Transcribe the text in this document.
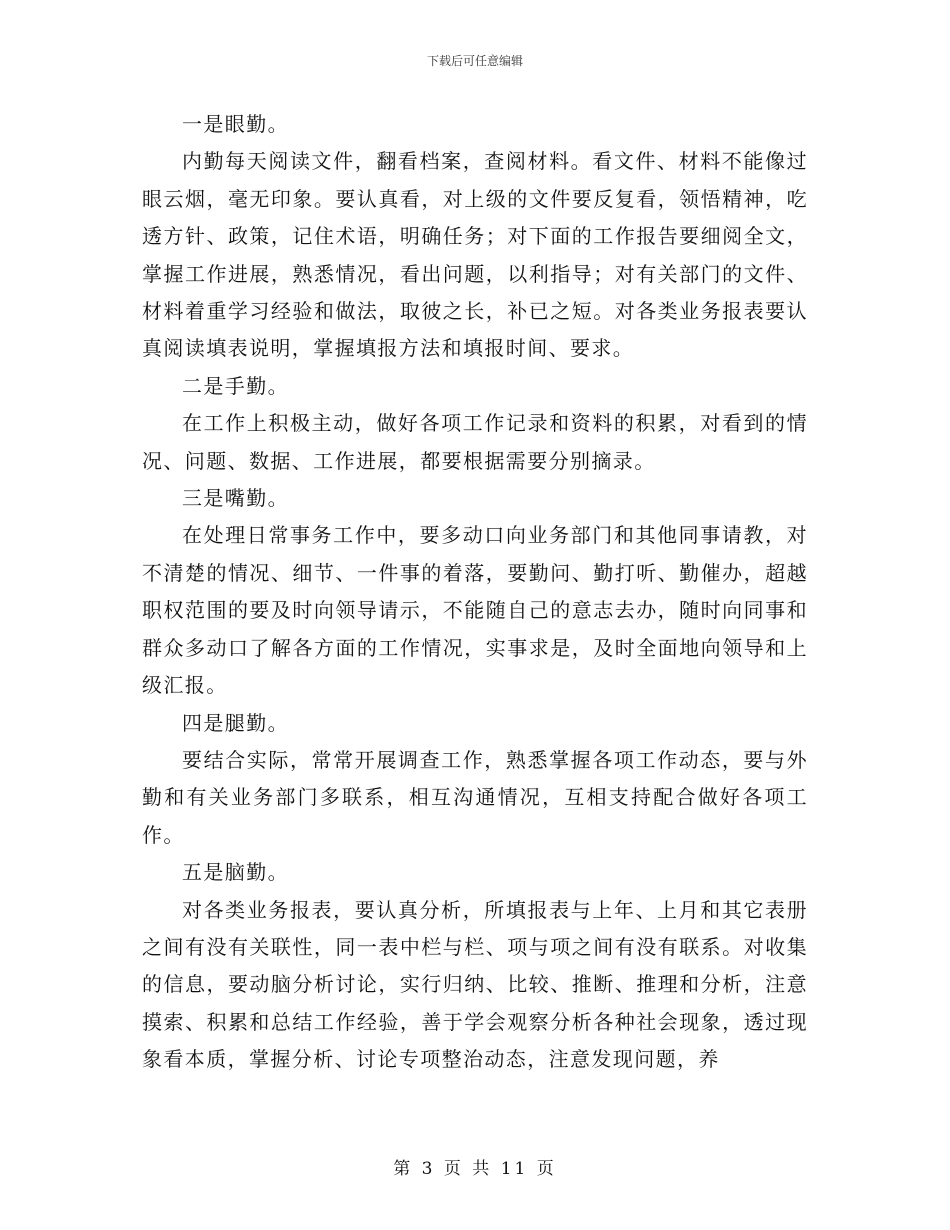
下载后可任意编辑

一是眼勤。

内勤每天阅读文件，翻看档案，查阅材料。看文件、材料不能像过眼云烟，毫无印象。要认真看，对上级的文件要反复看，领悟精神，吃透方针、政策，记住术语，明确任务；对下面的工作报告要细阅全文，掌握工作进展，熟悉情况，看出问题，以利指导；对有关部门的文件、材料着重学习经验和做法，取彼之长，补已之短。对各类业务报表要认真阅读填表说明，掌握填报方法和填报时间、要求。

二是手勤。

在工作上积极主动，做好各项工作记录和资料的积累，对看到的情况、问题、数据、工作进展，都要根据需要分别摘录。

三是嘴勤。

在处理日常事务工作中，要多动口向业务部门和其他同事请教，对不清楚的情况、细节、一件事的着落，要勤问、勤打听、勤催办，超越职权范围的要及时向领导请示，不能随自己的意志去办，随时向同事和群众多动口了解各方面的工作情况，实事求是，及时全面地向领导和上级汇报。

四是腿勤。

要结合实际，常常开展调查工作，熟悉掌握各项工作动态，要与外勤和有关业务部门多联系，相互沟通情况，互相支持配合做好各项工作。

五是脑勤。

对各类业务报表，要认真分析，所填报表与上年、上月和其它表册之间有没有关联性，同一表中栏与栏、项与项之间有没有联系。对收集的信息，要动脑分析讨论，实行归纳、比较、推断、推理和分析，注意摸索、积累和总结工作经验，善于学会观察分析各种社会现象，透过现象看本质，掌握分析、讨论专项整治动态，注意发现问题，养

第 3 页 共 11 页
